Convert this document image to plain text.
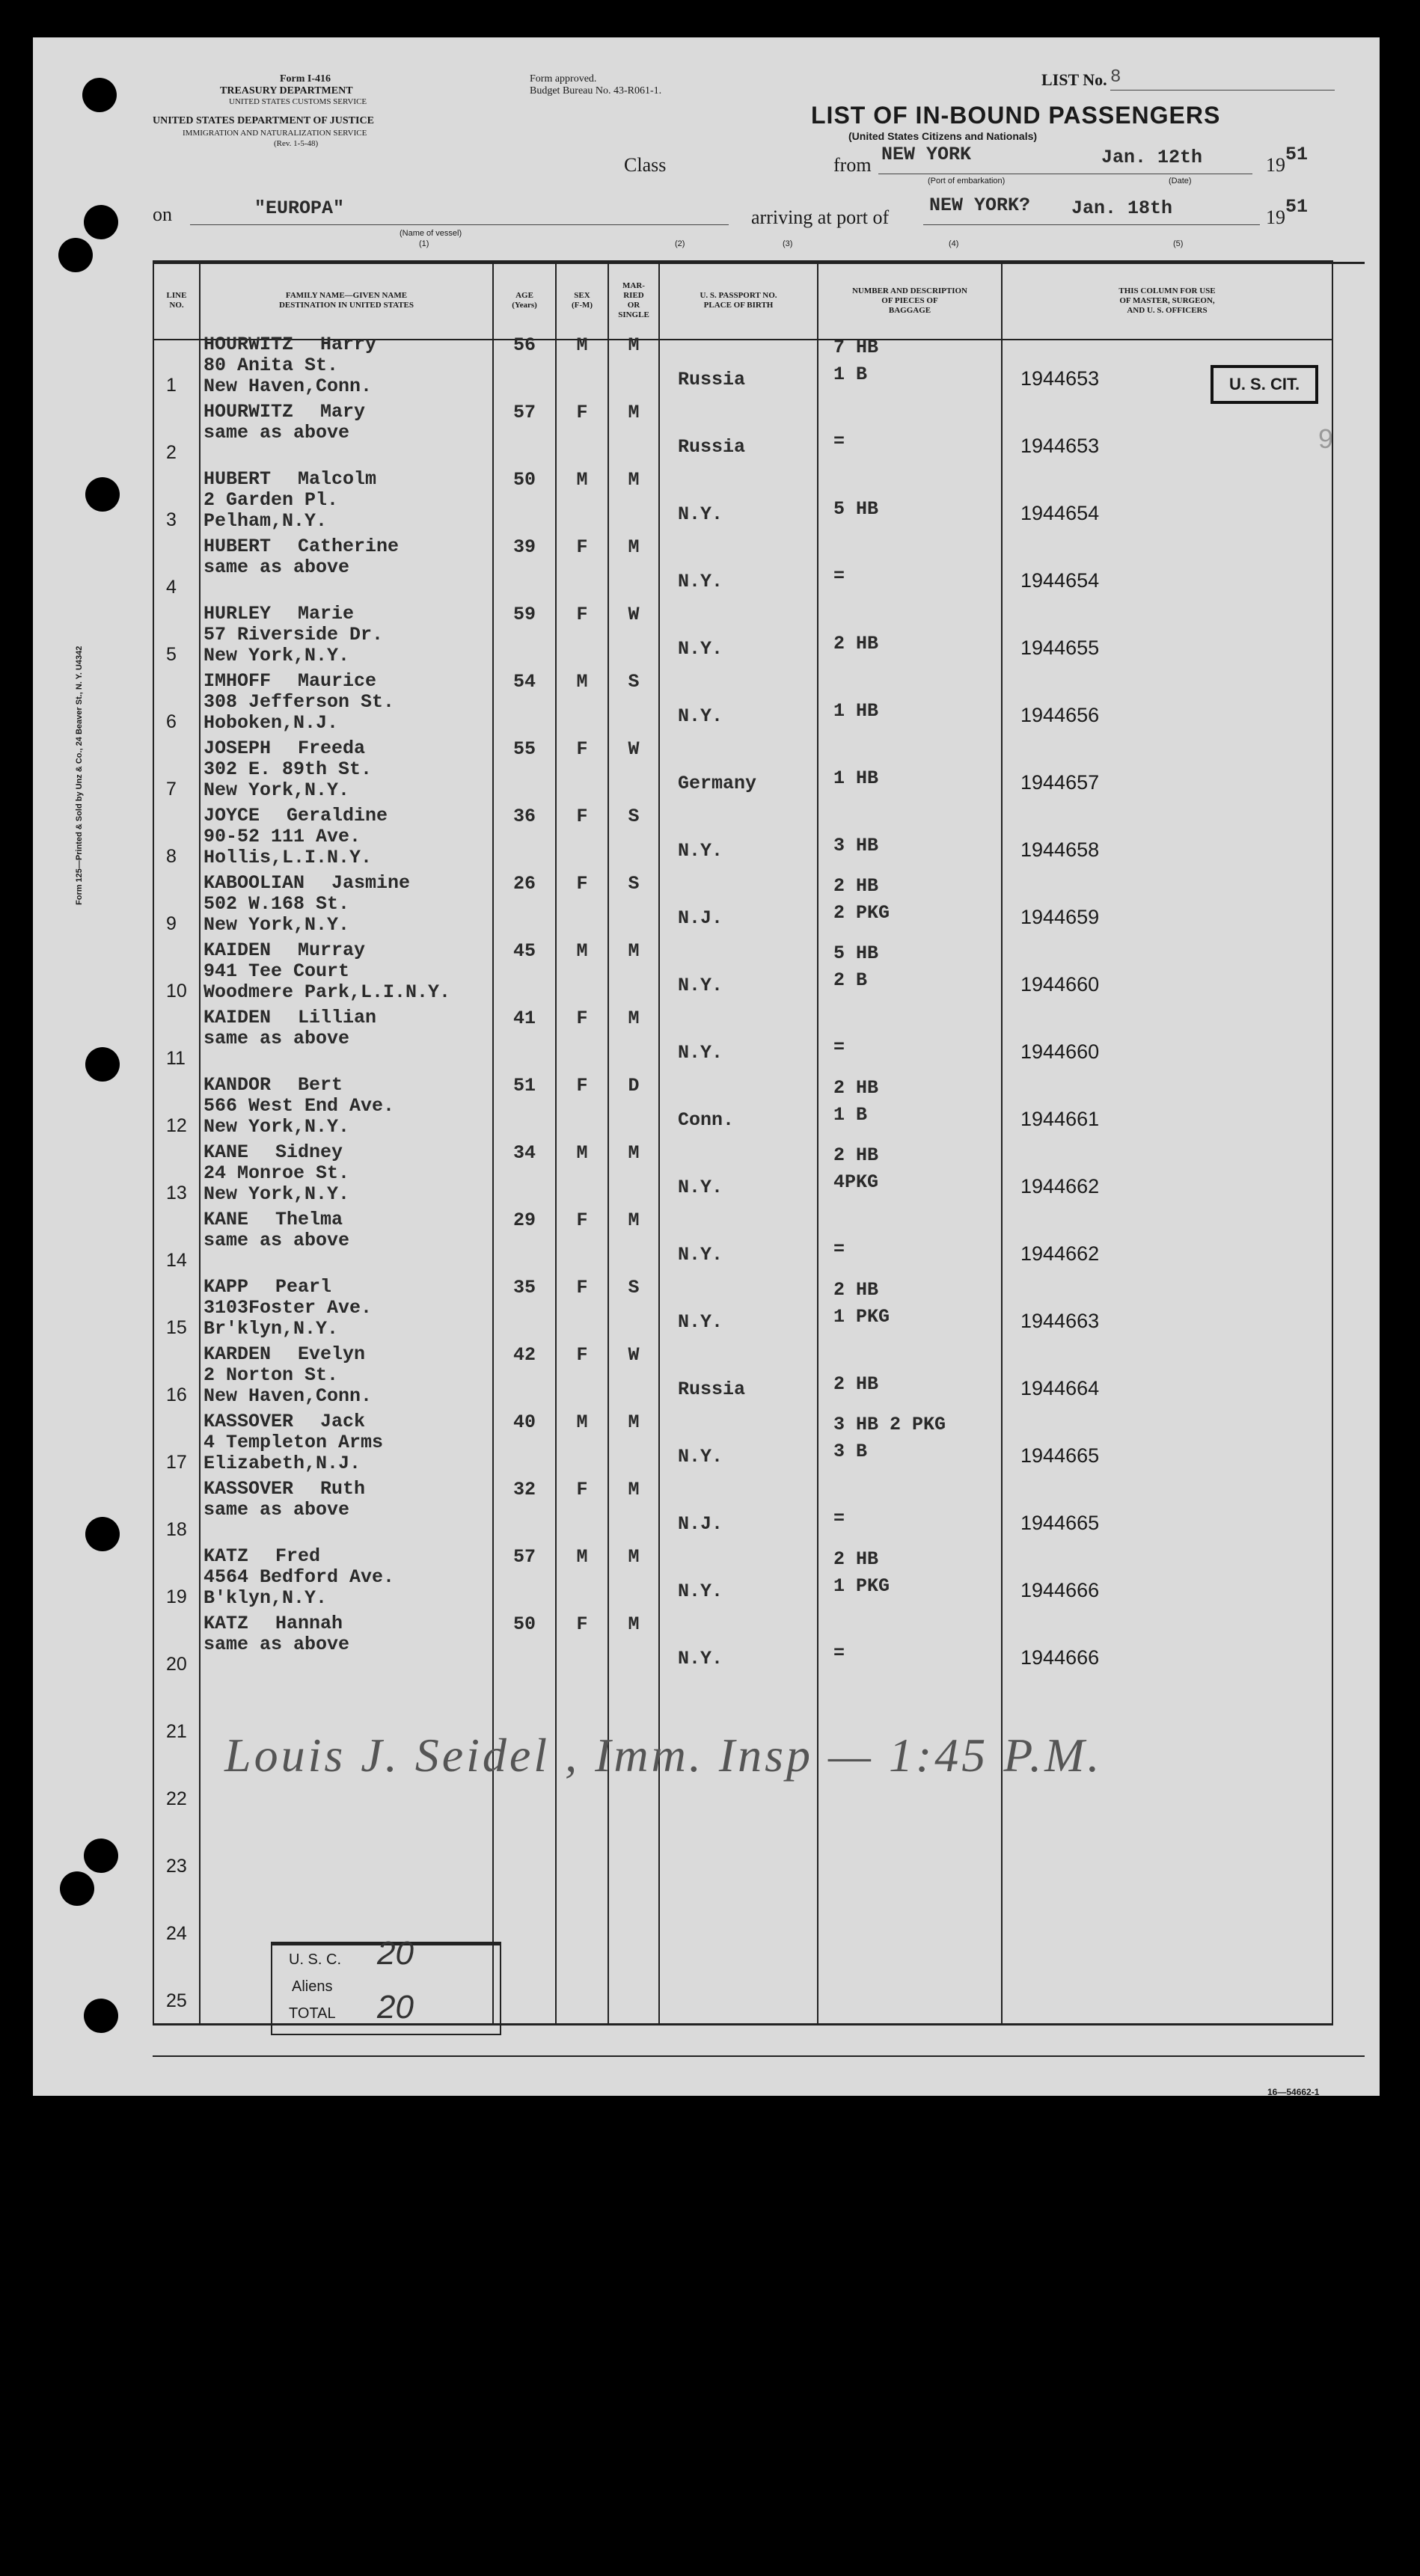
Form I-416
TREASURY DEPARTMENT
UNITED STATES CUSTOMS SERVICE
UNITED STATES DEPARTMENT OF JUSTICE
IMMIGRATION AND NATURALIZATION SERVICE
(Rev. 1-5-48)
Form approved.
Budget Bureau No. 43-R061-1.
LIST No. 8
LIST OF IN-BOUND PASSENGERS
(United States Citizens and Nationals)
Class	from NEW YORK
(Port of embarkation)
Jan. 12th
(Date)
19 51
on	"EUROPA"
(Name of vessel)
arriving at port of
NEW YORK? Jan. 18th	19 51
(1)	(2)	(3)	(4)	(5)
Form 125—Printed & Sold by Unz & Co., 24 Beaver St., N. Y. U4342
U. S. CIT.
9
16—54662-1
LINE
NO.	FAMILY NAME—GIVEN NAME
DESTINATION IN UNITED STATES	AGE
(Years)	SEX
(F-M)	MAR-
RIED
OR
SINGLE	U. S. PASSPORT NO.
PLACE OF BIRTH	NUMBER AND DESCRIPTION
OF PIECES OF
BAGGAGE	THIS COLUMN FOR USE
OF MASTER, SURGEON,
AND U. S. OFFICERS

1	HOURWITZ Harry
80 Anita St.
New Haven,Conn.	56	M	M	Russia	7 HB
1 B	1944653

2	HOURWITZ Mary
same as above	57	F	M	Russia	=	1944653

3	HUBERT Malcolm
2 Garden Pl.
Pelham,N.Y.	50	M	M	N.Y.	5 HB	1944654

4	HUBERT Catherine
same as above	39	F	M	N.Y.	=	1944654

5	HURLEY Marie
57 Riverside Dr.
New York,N.Y.	59	F	W	N.Y.	2 HB	1944655

6	IMHOFF Maurice
308 Jefferson St.
Hoboken,N.J.	54	M	S	N.Y.	1 HB	1944656

7	JOSEPH Freeda
302 E. 89th St.
New York,N.Y.	55	F	W	Germany	1 HB	1944657

8	JOYCE Geraldine
90-52 111 Ave.
Hollis,L.I.N.Y.	36	F	S	N.Y.	3 HB	1944658

9	KABOOLIAN Jasmine
502 W.168 St.
New York,N.Y.	26	F	S	N.J.	2 HB
2 PKG	1944659

10	KAIDEN Murray
941 Tee Court
Woodmere Park,L.I.N.Y.	45	M	M	N.Y.	5 HB
2 B	1944660

11	KAIDEN Lillian
same as above	41	F	M	N.Y.	=	1944660

12	KANDOR Bert
566 West End Ave.
New York,N.Y.	51	F	D	Conn.	2 HB
1 B	1944661

13	KANE Sidney
24 Monroe St.
New York,N.Y.	34	M	M	N.Y.	2 HB
4PKG	1944662

14	KANE Thelma
same as above	29	F	M	N.Y.	=	1944662

15	KAPP Pearl
3103Foster Ave.
Br'klyn,N.Y.	35	F	S	N.Y.	2 HB
1 PKG	1944663

16	KARDEN Evelyn
2 Norton St.
New Haven,Conn.	42	F	W	Russia	2 HB	1944664

17	KASSOVER Jack
4 Templeton Arms
Elizabeth,N.J.	40	M	M	N.Y.	3 HB 2 PKG
3 B	1944665

18	KASSOVER Ruth
same as above	32	F	M	N.J.	=	1944665

19	KATZ Fred
4564 Bedford Ave.
B'klyn,N.Y.	57	M	M	N.Y.	2 HB
1 PKG	1944666

20	KATZ Hannah
same as above	50	F	M	N.Y.	=	1944666

21							

22							

23							

24							

25							

U. S. C. 20
Aliens
TOTAL 20
Louis J. Seidel , Imm. Insp — 1:45 P.M.
